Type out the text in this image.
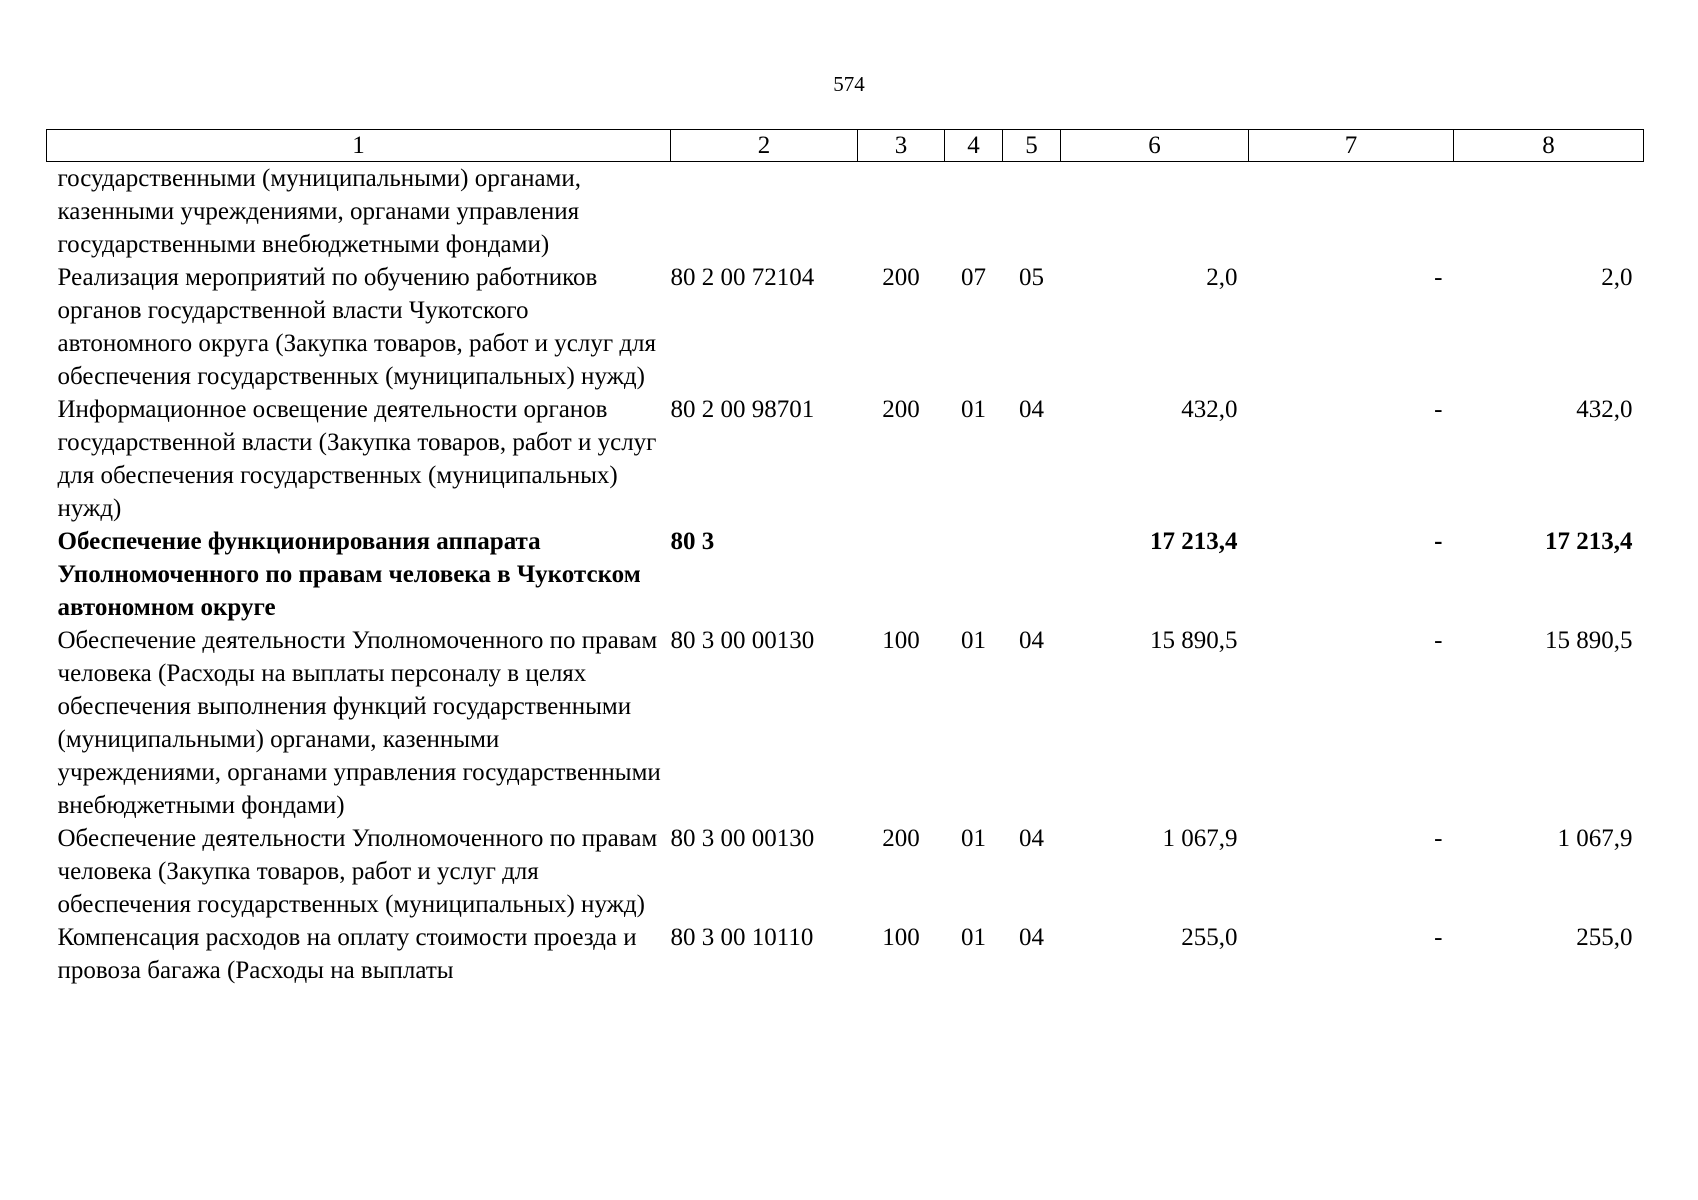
574
1	2	3	4	5	6	7	8
государственными (муниципальными) органами, казенными учреждениями, органами управления государственными внебюджетными фондами)							
Реализация мероприятий по обучению работников органов государственной власти Чукотского автономного округа (Закупка товаров, работ и услуг для обеспечения государственных (муниципальных) нужд)	80 2 00 72104	200	07	05	2,0	-	2,0
Информационное освещение деятельности органов государственной власти (Закупка товаров, работ и услуг для обеспечения государственных (муниципальных) нужд)	80 2 00 98701	200	01	04	432,0	-	432,0
Обеспечение функционирования аппарата Уполномоченного по правам человека в Чукотском автономном округе	80 3				17 213,4	-	17 213,4
Обеспечение деятельности Уполномоченного по правам человека (Расходы на выплаты персоналу в целях обеспечения выполнения функций государственными (муниципальными) органами, казенными учреждениями, органами управления государственными внебюджетными фондами)	80 3 00 00130	100	01	04	15 890,5	-	15 890,5
Обеспечение деятельности Уполномоченного по правам человека (Закупка товаров, работ и услуг для обеспечения государственных (муниципальных) нужд)	80 3 00 00130	200	01	04	1 067,9	-	1 067,9
Компенсация расходов на оплату стоимости проезда и провоза багажа (Расходы на выплаты	80 3 00 10110	100	01	04	255,0	-	255,0
